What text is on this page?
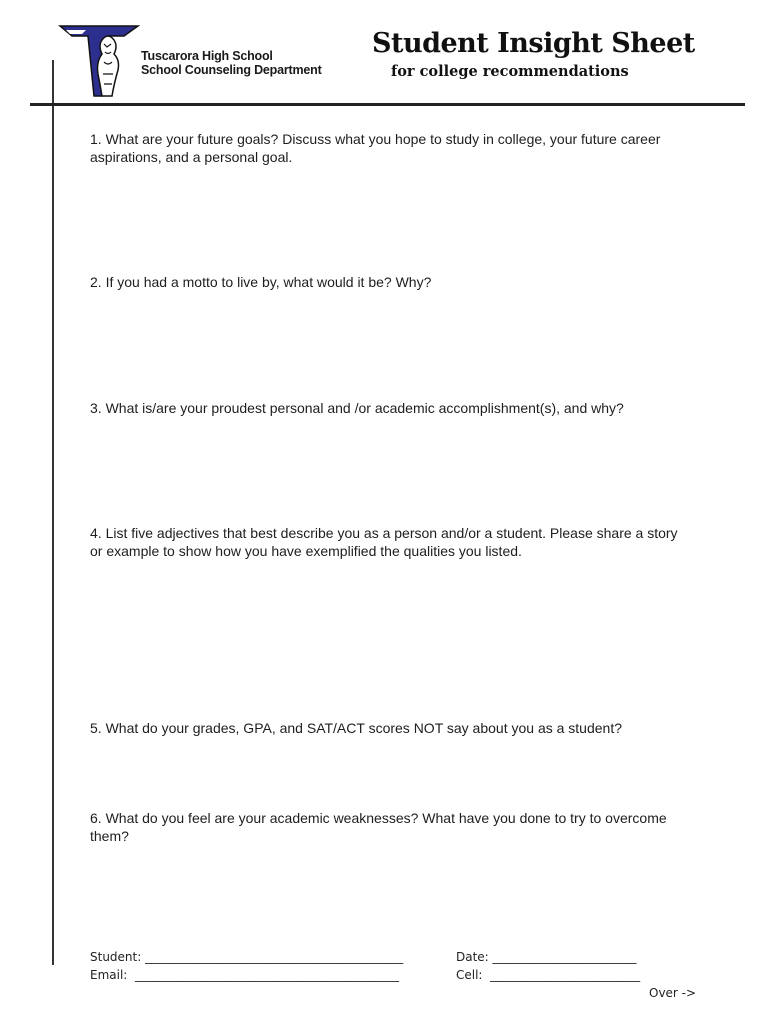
Tuscarora High School
School Counseling Department
Student Insight Sheet
for college recommendations
1. What are your future goals? Discuss what you hope to study in college, your future career aspirations, and a personal goal.
2. If you had a motto to live by, what would it be? Why?
3. What is/are your proudest personal and /or academic accomplishment(s), and why?
4. List five adjectives that best describe you as a person and/or a student. Please share a story or example to show how you have exemplified the qualities you listed.
5. What do your grades, GPA, and SAT/ACT scores NOT say about you as a student?
6. What do you feel are your academic weaknesses? What have you done to try to overcome them?
Student: ___________________________________________	Date: ________________________
Email:  ____________________________________________	Cell:  _________________________
Over ->
